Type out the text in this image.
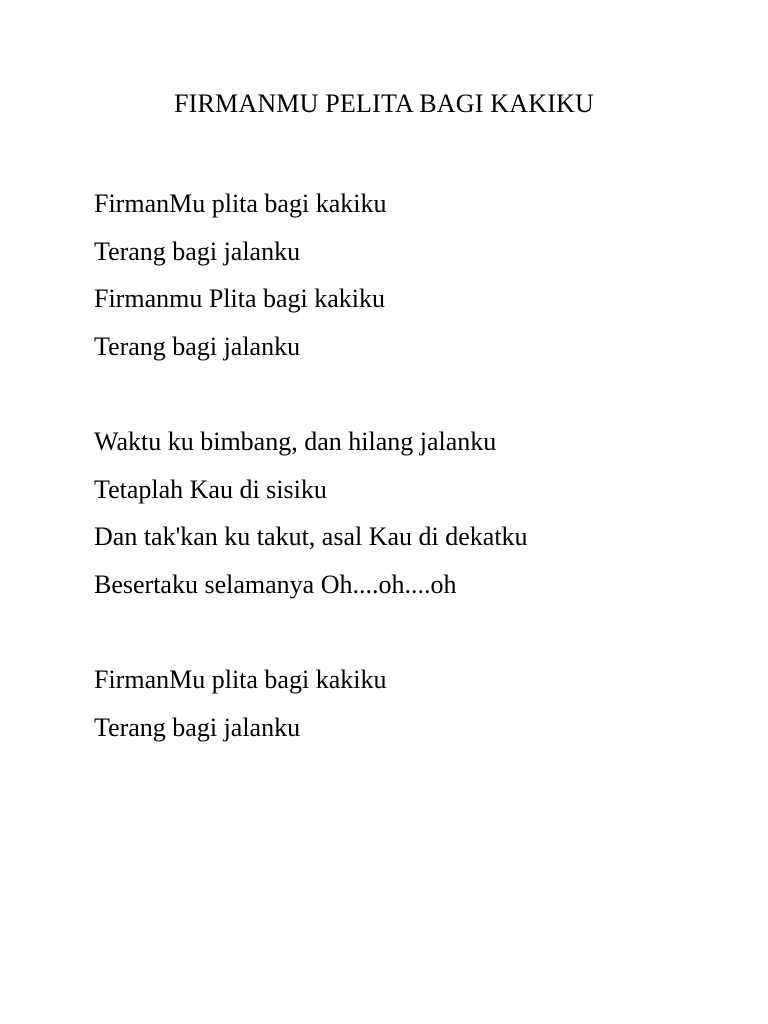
FIRMANMU PELITA BAGI KAKIKU
FirmanMu plita bagi kakiku
Terang bagi jalanku
Firmanmu Plita bagi kakiku
Terang bagi jalanku
Waktu ku bimbang, dan hilang jalanku
Tetaplah Kau di sisiku
Dan tak'kan ku takut, asal Kau di dekatku
Besertaku selamanya Oh....oh....oh
FirmanMu plita bagi kakiku
Terang bagi jalanku
